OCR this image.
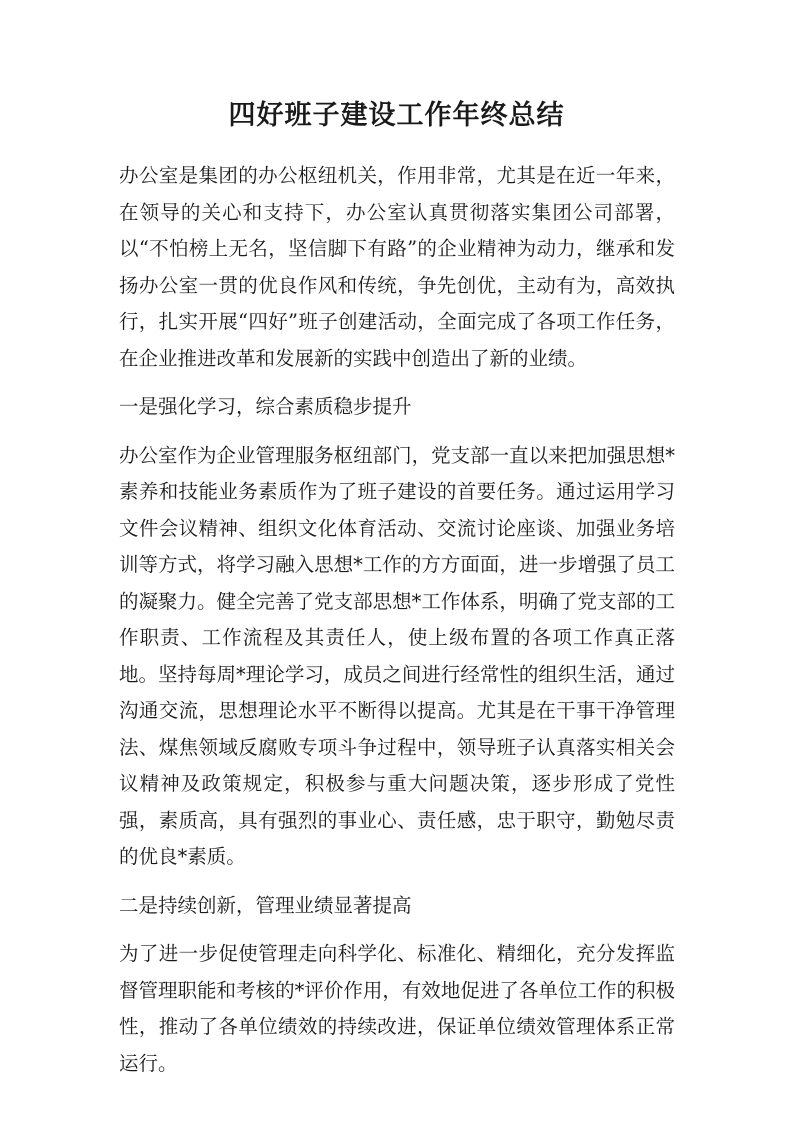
四好班子建设工作年终总结

办公室是集团的办公枢纽机关，作用非常，尤其是在近一年来，在领导的关心和支持下，办公室认真贯彻落实集团公司部署，以“不怕榜上无名，坚信脚下有路”的企业精神为动力，继承和发扬办公室一贯的优良作风和传统，争先创优，主动有为，高效执行，扎实开展“四好”班子创建活动，全面完成了各项工作任务，在企业推进改革和发展新的实践中创造出了新的业绩。

一是强化学习，综合素质稳步提升

办公室作为企业管理服务枢纽部门，党支部一直以来把加强思想*素养和技能业务素质作为了班子建设的首要任务。通过运用学习文件会议精神、组织文化体育活动、交流讨论座谈、加强业务培训等方式，将学习融入思想*工作的方方面面，进一步增强了员工的凝聚力。健全完善了党支部思想*工作体系，明确了党支部的工作职责、工作流程及其责任人，使上级布置的各项工作真正落地。坚持每周*理论学习，成员之间进行经常性的组织生活，通过沟通交流，思想理论水平不断得以提高。尤其是在干事干净管理法、煤焦领域反腐败专项斗争过程中，领导班子认真落实相关会议精神及政策规定，积极参与重大问题决策，逐步形成了党性强，素质高，具有强烈的事业心、责任感，忠于职守，勤勉尽责的优良*素质。

二是持续创新，管理业绩显著提高

为了进一步促使管理走向科学化、标准化、精细化，充分发挥监督管理职能和考核的*评价作用，有效地促进了各单位工作的积极性，推动了各单位绩效的持续改进，保证单位绩效管理体系正常运行。
